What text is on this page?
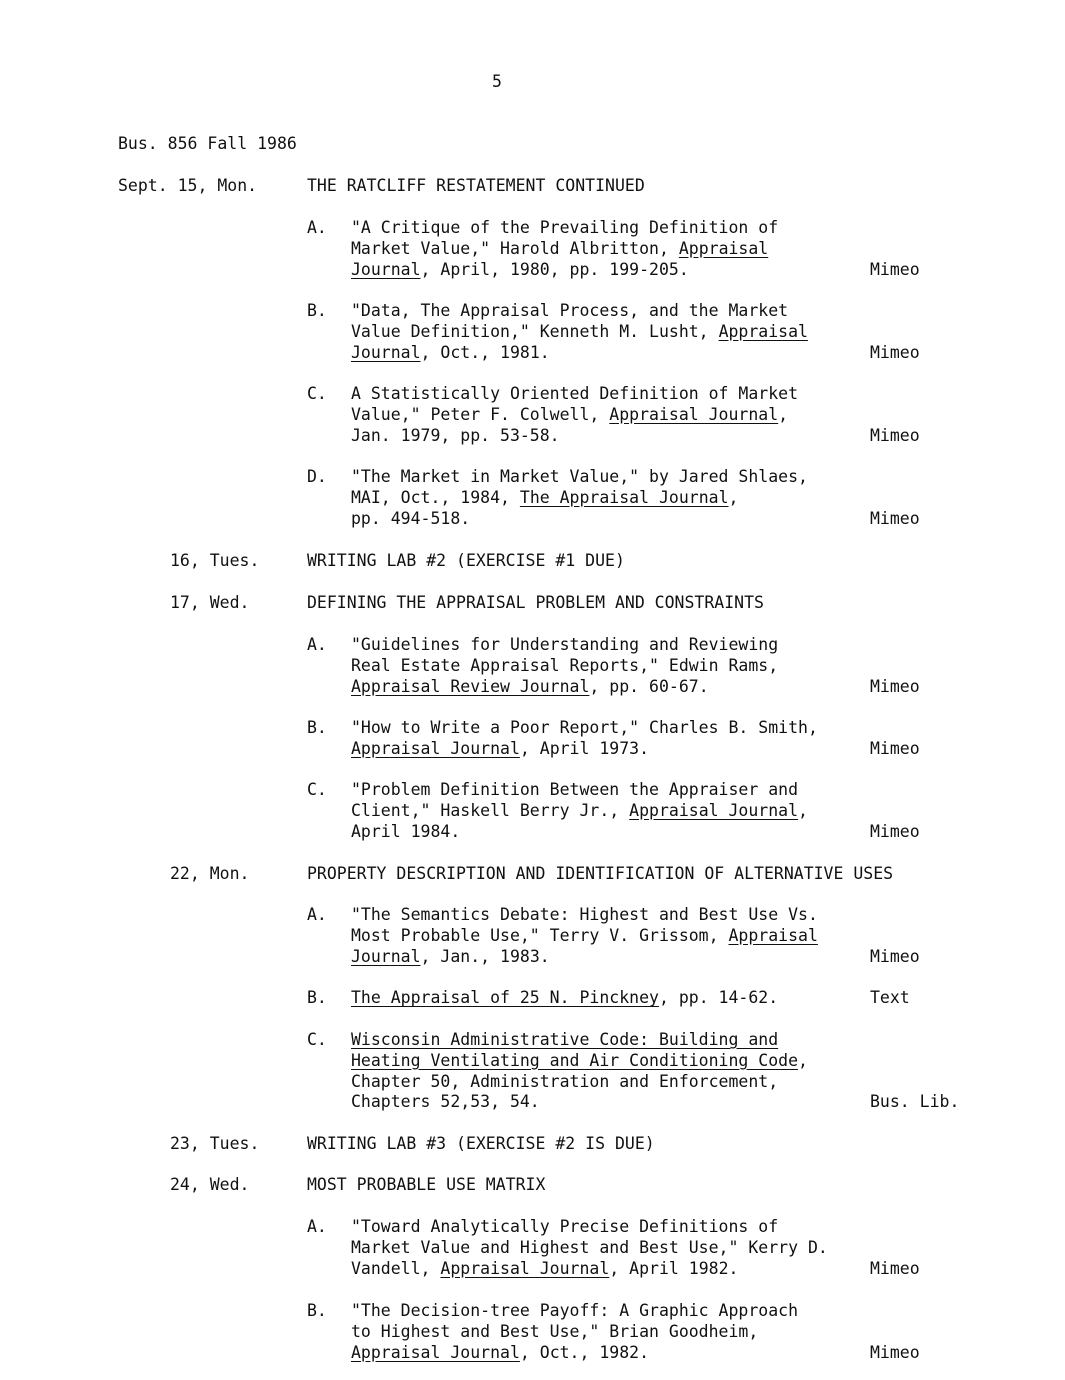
5
Bus. 856 Fall 1986
Sept. 15, Mon.	THE RATCLIFF RESTATEMENT CONTINUED
A. "A Critique of the Prevailing Definition of
Market Value," Harold Albritton, Appraisal
Journal, April, 1980, pp. 199-205.	Mimeo
B. "Data, The Appraisal Process, and the Market
Value Definition," Kenneth M. Lusht, Appraisal
Journal, Oct., 1981.	Mimeo
C. A Statistically Oriented Definition of Market
Value," Peter F. Colwell, Appraisal Journal,
Jan. 1979, pp. 53-58.	Mimeo
D. "The Market in Market Value," by Jared Shlaes,
MAI, Oct., 1984, The Appraisal Journal,
pp. 494-518.	Mimeo
16, Tues.	WRITING LAB #2 (EXERCISE #1 DUE)
17, Wed.	DEFINING THE APPRAISAL PROBLEM AND CONSTRAINTS
A. "Guidelines for Understanding and Reviewing
Real Estate Appraisal Reports," Edwin Rams,
Appraisal Review Journal, pp. 60-67.	Mimeo
B. "How to Write a Poor Report," Charles B. Smith,
Appraisal Journal, April 1973.	Mimeo
C. "Problem Definition Between the Appraiser and
Client," Haskell Berry Jr., Appraisal Journal,
April 1984.	Mimeo
22, Mon.	PROPERTY DESCRIPTION AND IDENTIFICATION OF ALTERNATIVE USES
A. "The Semantics Debate: Highest and Best Use Vs.
Most Probable Use," Terry V. Grissom, Appraisal
Journal, Jan., 1983.	Mimeo
B. The Appraisal of 25 N. Pinckney, pp. 14-62.	Text
C. Wisconsin Administrative Code: Building and
Heating Ventilating and Air Conditioning Code,
Chapter 50, Administration and Enforcement,
Chapters 52,53, 54.	Bus. Lib.
23, Tues.	WRITING LAB #3 (EXERCISE #2 IS DUE)
24, Wed.	MOST PROBABLE USE MATRIX
A. "Toward Analytically Precise Definitions of
Market Value and Highest and Best Use," Kerry D.
Vandell, Appraisal Journal, April 1982.	Mimeo
B. "The Decision-tree Payoff: A Graphic Approach
to Highest and Best Use," Brian Goodheim,
Appraisal Journal, Oct., 1982.	Mimeo
